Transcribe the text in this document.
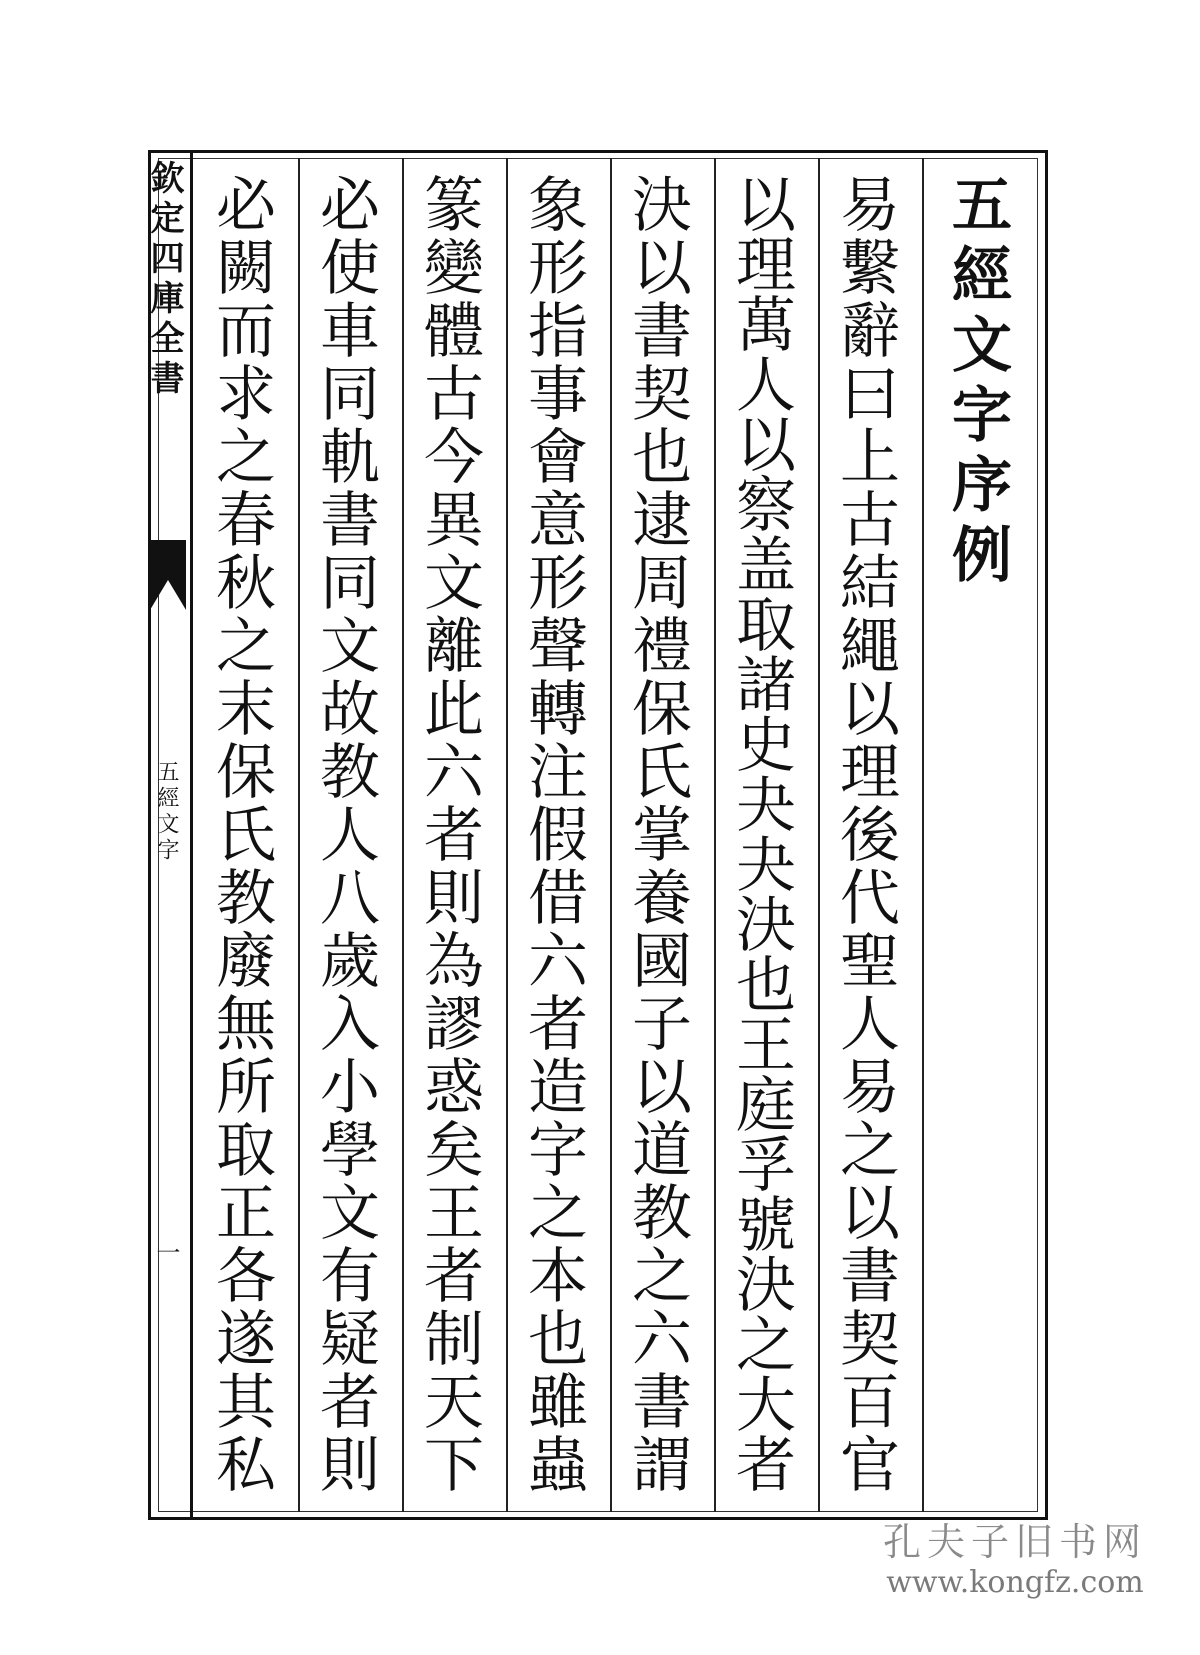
欽定四庫全書
五經文字
一
五
經
文
字
序
例
易
繫
辭
曰
上
古
結
繩
以
理
後
代
聖
人
易
之
以
書
契
百
官
以
理
萬
人
以
察
盖
取
諸
史
夬
夬
決
也
王
庭
孚
號
決
之
大
者
決
以
書
契
也
逮
周
禮
保
氏
掌
養
國
子
以
道
教
之
六
書
謂
象
形
指
事
會
意
形
聲
轉
注
假
借
六
者
造
字
之
本
也
雖
蟲
篆
變
體
古
今
異
文
離
此
六
者
則
為
謬
惑
矣
王
者
制
天
下
必
使
車
同
軌
書
同
文
故
教
人
八
歲
入
小
學
文
有
疑
者
則
必
闕
而
求
之
春
秋
之
末
保
氏
教
廢
無
所
取
正
各
遂
其
私
孔夫子旧书网
www.kongfz.com
